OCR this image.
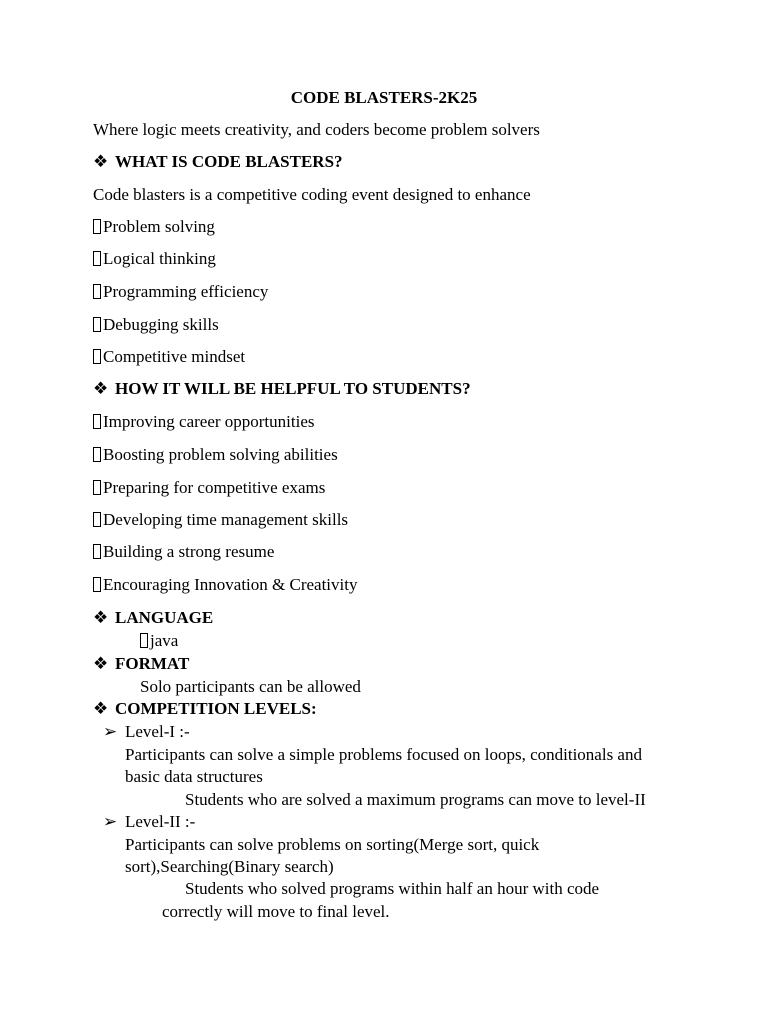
CODE BLASTERS-2K25
Where logic meets creativity, and coders become problem solvers
❖ WHAT IS CODE BLASTERS?
Code blasters is a competitive coding event designed to enhance
Problem solving
Logical thinking
Programming efficiency
Debugging skills
Competitive mindset
❖ HOW IT WILL BE HELPFUL TO STUDENTS?
Improving career opportunities
Boosting problem solving abilities
Preparing for competitive exams
Developing time management skills
Building a strong resume
Encouraging Innovation & Creativity
❖ LANGUAGE
java
❖ FORMAT
Solo participants can be allowed
❖ COMPETITION LEVELS:
➢ Level-I :-
Participants can solve a simple problems focused on loops, conditionals and
basic data structures
Students who are solved a maximum programs can move to level-II
➢ Level-II :-
Participants can solve problems on sorting(Merge sort, quick
sort),Searching(Binary search)
Students who solved programs within half an hour with code
correctly will move to final level.
